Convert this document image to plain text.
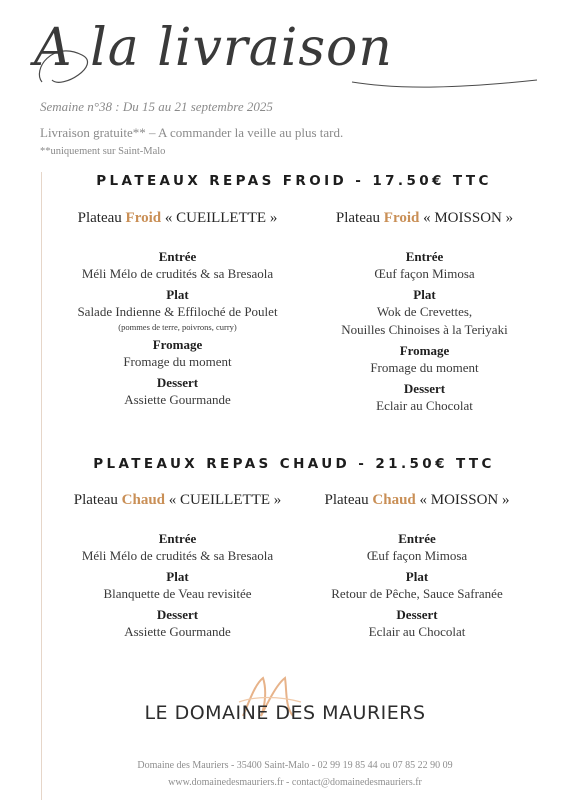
A la livraison
Semaine n°38 : Du 15 au 21 septembre 2025
Livraison gratuite** – A commander la veille au plus tard.
**uniquement sur Saint-Malo
PLATEAUX REPAS FROID - 17.50€ TTC
Plateau Froid « CUEILLETTE »
Entrée
Méli Mélo de crudités & sa Bresaola
Plat
Salade Indienne & Effiloché de Poulet
(pommes de terre, poivrons, curry)
Fromage
Fromage du moment
Dessert
Assiette Gourmande
Plateau Froid « MOISSON »
Entrée
Œuf façon Mimosa
Plat
Wok de Crevettes,
Nouilles Chinoises à la Teriyaki
Fromage
Fromage du moment
Dessert
Eclair au Chocolat
PLATEAUX REPAS CHAUD - 21.50€ TTC
Plateau Chaud « CUEILLETTE »
Entrée
Méli Mélo de crudités & sa Bresaola
Plat
Blanquette de Veau revisitée
Dessert
Assiette Gourmande
Plateau Chaud « MOISSON »
Entrée
Œuf façon Mimosa
Plat
Retour de Pêche, Sauce Safranée
Dessert
Eclair au Chocolat
LE DOMAINE DES MAURIERS
Domaine des Mauriers - 35400 Saint-Malo - 02 99 19 85 44 ou 07 85 22 90 09
www.domainedesmauriers.fr - contact@domainedesmauriers.fr
